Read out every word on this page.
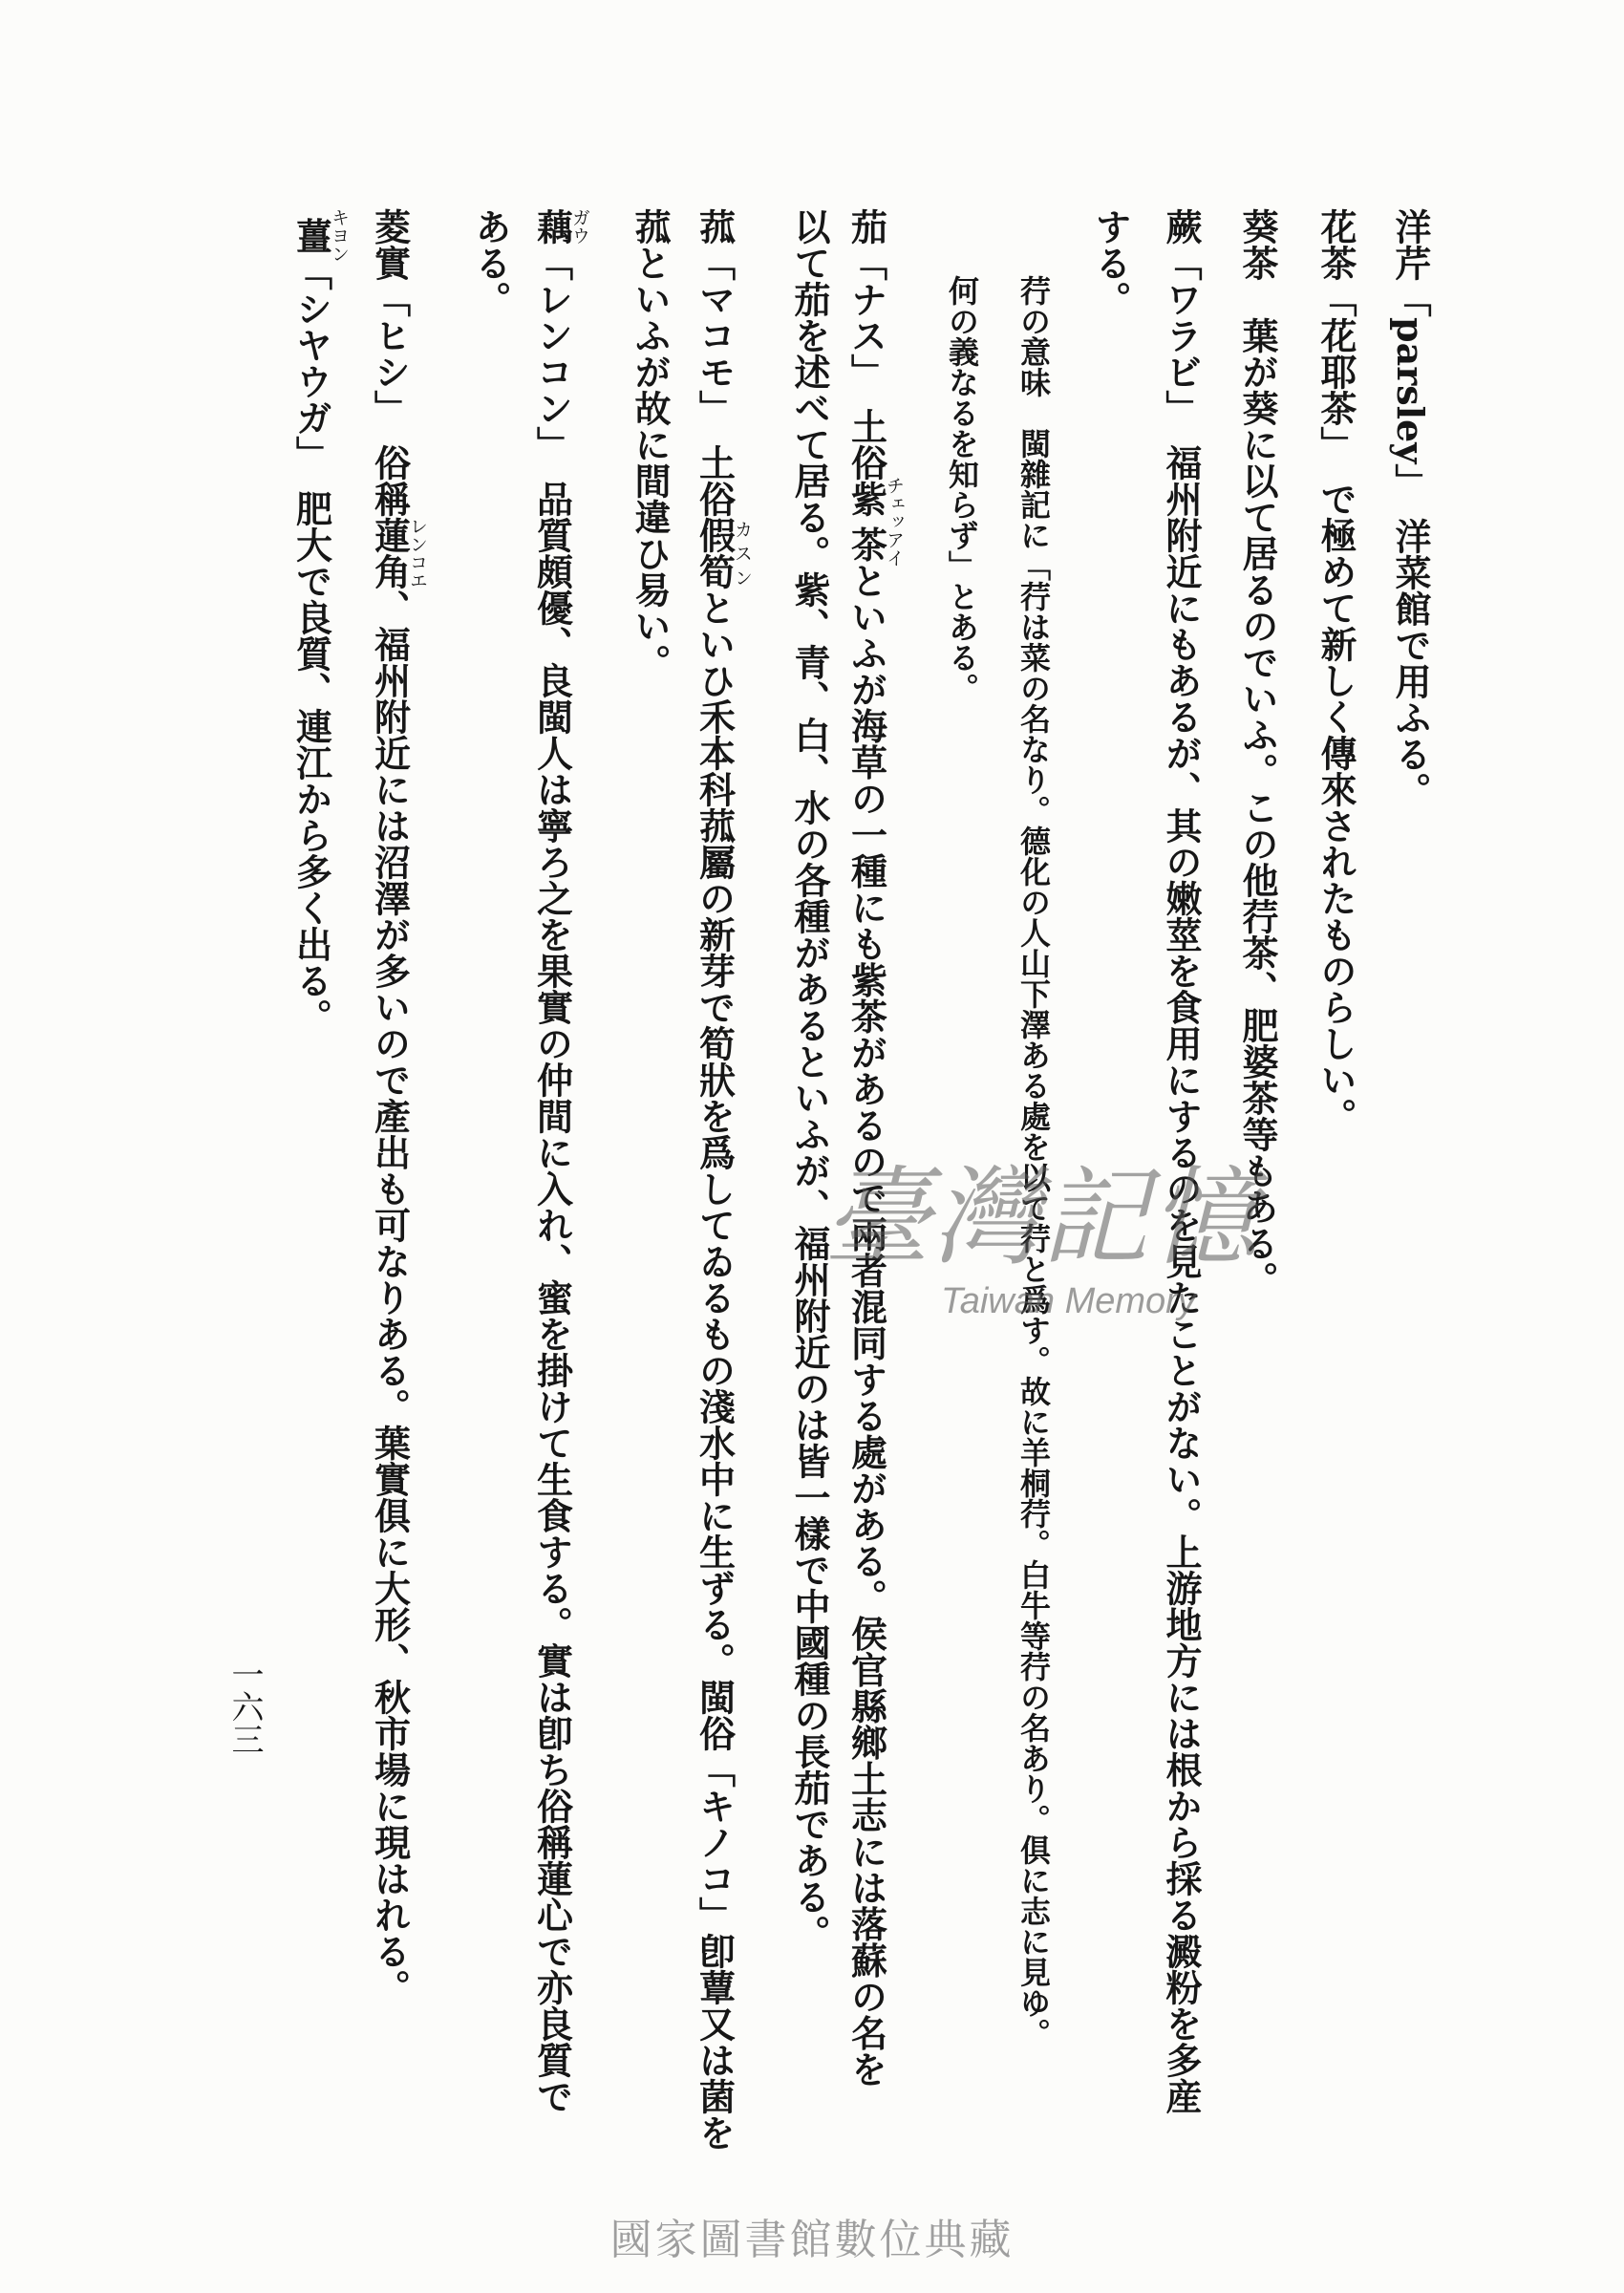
洋芹「parsley」　洋菜館で用ふる。
花茶「花耶茶」　で極めて新しく傳來されたものらしい。
葵茶　葉が葵に以て居るのでいふ。この他荇茶、肥婆茶等もある。
蕨「ワラビ」　福州附近にもあるが、其の嫩莖を食用にするのを見たことがない。上游地方には根から採る澱粉を多産
する。
荇の意味　閩雜記に「荇は菜の名なり。德化の人山下澤ある處を以て荇と爲す。故に羊桐荇。白牛等荇の名あり。俱に志に見ゆ。
何の義なるを知らず」とある。
茄「ナス」　土俗紫茶チェッアイといふが海草の一種にも紫茶があるので兩者混同する處がある。侯官縣鄉土志には落蘇の名を
以て茄を述べて居る。紫、青、白、水の各種があるといふが、福州附近のは皆一樣で中國種の長茄である。
菰「マコモ」　土俗假筍カスンといひ禾本科菰屬の新芽で筍狀を爲してゐるもの淺水中に生ずる。閩俗「キノコ」卽蕈又は菌を
菰といふが故に間違ひ易い。
藕ガウ「レンコン」　品質頗優、良閩人は寧ろ之を果實の仲間に入れ、蜜を掛けて生食する。實は卽ち俗稱蓮心で亦良質で
ある。
菱實「ヒシ」　俗稱蓮角レンコエ、福州附近には沼澤が多いので產出も可なりある。葉實俱に大形、秋市場に現はれる。
薑キヨン「シヤウガ」　肥大で良質、連江から多く出る。
一六三
臺灣記憶
Taiwan Memory
國家圖書館數位典藏
